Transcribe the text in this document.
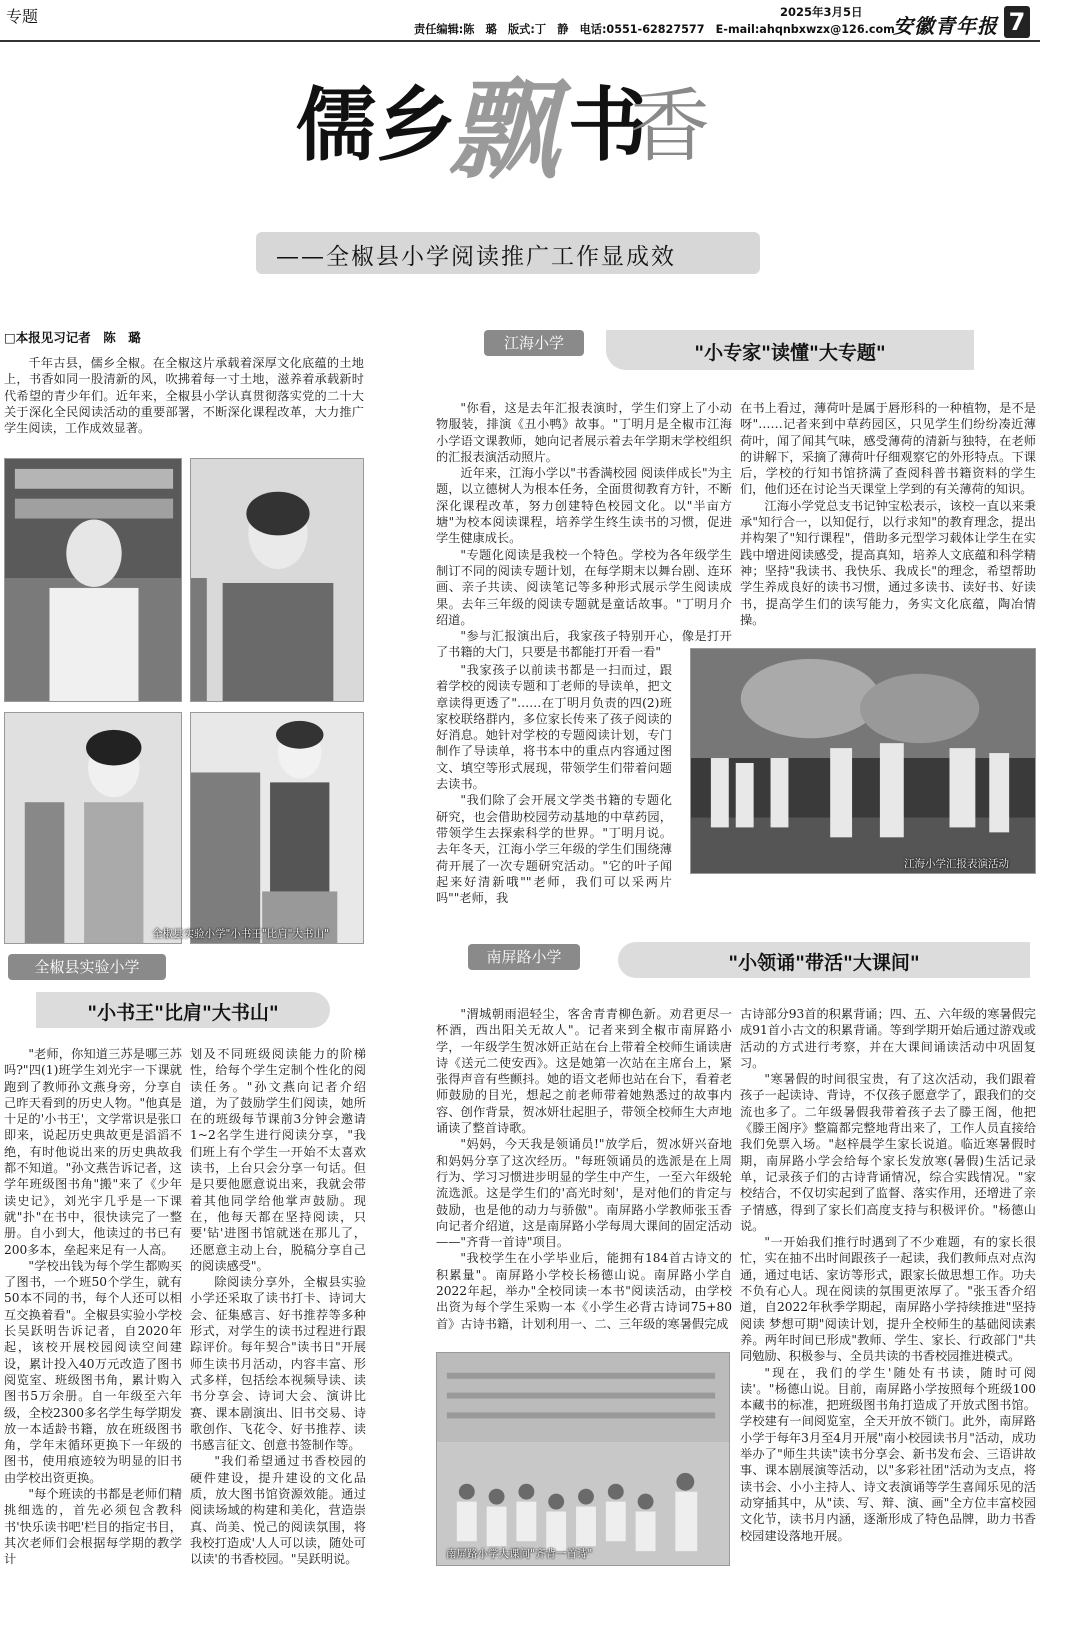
专题	2025年3月5日
责任编辑:陈　璐　版式:丁　静　电话:0551-62827577　E-mail:ahqnbxwzx@126.com
安徽青年报 7
儒 乡
飘 书
香
——全椒县小学阅读推广工作显成效
□本报见习记者　陈　璐

千年古县，儒乡全椒。在全椒这片承载着深厚文化底蕴的土地上，书香如同一股清新的风，吹拂着每一寸土地，滋养着承载新时代希望的青少年们。近年来，全椒县小学认真贯彻落实党的二十大关于深化全民阅读活动的重要部署，不断深化课程改革，大力推广学生阅读，工作成效显著。

全椒县实验小学"小书王"比肩"大书山"
全椒县实验小学
"小书王"比肩"大书山"

"老师，你知道三苏是哪三苏吗?"四(1)班学生刘光宇一下课就跑到了教师孙文燕身旁，分享自己昨天看到的历史人物。"他真是十足的'小书王'，文学常识是张口即来，说起历史典故更是滔滔不绝，有时他说出来的历史典故我都不知道。"孙文燕告诉记者，这学年班级图书角"搬"来了《少年读史记》，刘光宇几乎是一下课就"扑"在书中，很快读完了一整册。自小到大，他读过的书已有200多本，垒起来足有一人高。

"学校出钱为每个学生都购买了图书，一个班50个学生，就有50本不同的书，每个人还可以相互交换着看"。全椒县实验小学校长吴跃明告诉记者，自2020年起，该校开展校园阅读空间建设，累计投入40万元改造了图书阅览室、班级图书角，累计购入图书5万余册。自一年级至六年级，全校2300多名学生每学期发放一本适龄书籍，放在班级图书角，学年末循环更换下一年级的图书，使用痕迹较为明显的旧书由学校出资更换。

"每个班读的书都是老师们精挑细选的，首先必须包含教科书'快乐读书吧'栏目的指定书目，其次老师们会根据每学期的教学计

划及不同班级阅读能力的阶梯性，给每个学生定制个性化的阅读任务。"孙文燕向记者介绍道，为了鼓励学生们阅读，她所在的班级每节课前3分钟会邀请1~2名学生进行阅读分享，"我们班上有个学生一开始不太喜欢读书，上台只会分享一句话。但是只要他愿意说出来，我就会带着其他同学给他掌声鼓励。现在，他每天都在坚持阅读，只要'钻'进图书馆就迷在那儿了，还愿意主动上台，脱稿分享自己的阅读感受"。

除阅读分享外，全椒县实验小学还采取了读书打卡、诗词大会、征集感言、好书推荐等多种形式，对学生的读书过程进行跟踪评价。每年契合"读书日"开展师生读书月活动，内容丰富、形式多样，包括绘本视频导读、读书分享会、诗词大会、演讲比赛、课本剧演出、旧书交易、诗歌创作、飞花令、好书推荐、读书感言征文、创意书签制作等。

"我们希望通过书香校园的硬件建设，提升建设的文化品质，放大图书馆资源效能。通过阅读场域的构建和美化，营造崇真、尚美、悦己的阅读氛围，将我校打造成'人人可以读，随处可以读'的书香校园。"吴跃明说。

江海小学	"小专家"读懂"大专题"

"你看，这是去年汇报表演时，学生们穿上了小动物服装，排演《丑小鸭》故事。"丁明月是全椒市江海小学语文课教师，她向记者展示着去年学期末学校组织的汇报表演活动照片。

近年来，江海小学以"书香满校园 阅读伴成长"为主题，以立德树人为根本任务，全面贯彻教育方针，不断深化课程改革，努力创建特色校园文化。以"半亩方塘"为校本阅读课程，培养学生终生读书的习惯，促进学生健康成长。

"专题化阅读是我校一个特色。学校为各年级学生制订不同的阅读专题计划，在每学期末以舞台剧、连环画、亲子共读、阅读笔记等多种形式展示学生阅读成果。去年三年级的阅读专题就是童话故事。"丁明月介绍道。

"参与汇报演出后，我家孩子特别开心，像是打开了书籍的大门，只要是书都能打开看一看"

"我家孩子以前读书都是一扫而过，跟着学校的阅读专题和丁老师的导读单，把文章读得更透了"……在丁明月负责的四(2)班家校联络群内，多位家长传来了孩子阅读的好消息。她针对学校的专题阅读计划，专门制作了导读单，将书本中的重点内容通过图文、填空等形式展现，带领学生们带着问题去读书。

"我们除了会开展文学类书籍的专题化研究，也会借助校园劳动基地的中草药园，带领学生去探索科学的世界。"丁明月说。去年冬天，江海小学三年级的学生们围绕薄荷开展了一次专题研究活动。"它的叶子闻起来好清新哦""老师，我们可以采两片吗""老师，我

在书上看过，薄荷叶是属于唇形科的一种植物，是不是呀"……记者来到中草药园区，只见学生们纷纷凑近薄荷叶，闻了闻其气味，感受薄荷的清新与独特，在老师的讲解下，采摘了薄荷叶仔细观察它的外形特点。下课后，学校的行知书馆挤满了查阅科普书籍资料的学生们，他们还在讨论当天课堂上学到的有关薄荷的知识。

江海小学党总支书记钟宝松表示，该校一直以来秉承"知行合一，以知促行，以行求知"的教育理念，提出并构架了"知行课程"，借助多元型学习载体让学生在实践中增进阅读感受，提高真知，培养人文底蕴和科学精神；坚持"我读书、我快乐、我成长"的理念，希望帮助学生养成良好的读书习惯，通过多读书、读好书、好读书，提高学生们的读写能力，务实文化底蕴，陶冶情操。

江海小学汇报表演活动
南屏路小学	"小领诵"带活"大课间"

"渭城朝雨浥轻尘，客舍青青柳色新。劝君更尽一杯酒，西出阳关无故人"。记者来到全椒市南屏路小学，一年级学生贺冰妍正站在台上带着全校师生诵读唐诗《送元二使安西》。这是她第一次站在主席台上，紧张得声音有些颤抖。她的语文老师也站在台下，看着老师鼓励的目光，想起之前老师带着她熟悉过的故事内容、创作背景，贺冰妍壮起胆子，带领全校师生大声地诵读了整首诗歌。

"妈妈，今天我是领诵员!"放学后，贺冰妍兴奋地和妈妈分享了这次经历。"每班领诵员的选派是在上周行为、学习习惯进步明显的学生中产生，一至六年级轮流选派。这是学生们的'高光时刻'，是对他们的肯定与鼓励，也是他的动力与骄傲"。南屏路小学教师张玉香向记者介绍道，这是南屏路小学每周大课间的固定活动——"齐背一首诗"项目。

"我校学生在小学毕业后，能拥有184首古诗文的积累量"。南屏路小学校长杨德山说。南屏路小学自2022年起，举办"全校同读一本书"阅读活动，由学校出资为每个学生采购一本《小学生必背古诗词75+80首》古诗书籍，计划利用一、二、三年级的寒暑假完成

古诗部分93首的积累背诵；四、五、六年级的寒暑假完成91首小古文的积累背诵。等到学期开始后通过游戏或活动的方式进行考察，并在大课间诵读活动中巩固复习。

"寒暑假的时间很宝贵，有了这次活动，我们跟着孩子一起读诗、背诗，不仅孩子愿意学了，跟我们的交流也多了。二年级暑假我带着孩子去了滕王阁，他把《滕王阁序》整篇都完整地背出来了，工作人员直接给我们免票入场。"赵梓晨学生家长说道。临近寒暑假时期，南屏路小学会给每个家长发放寒(暑假)生活记录单，记录孩子们的古诗背诵情况，综合实践情况。"家校结合，不仅切实起到了监督、落实作用，还增进了亲子情感，得到了家长们高度支持与积极评价。"杨德山说。

"一开始我们推行时遇到了不少难题，有的家长很忙，实在抽不出时间跟孩子一起读，我们教师点对点沟通，通过电话、家访等形式，跟家长做思想工作。功夫不负有心人。现在阅读的氛围更浓厚了。"张玉香介绍道，自2022年秋季学期起，南屏路小学持续推进"坚持阅读 梦想可期"阅读计划，提升全校师生的基础阅读素养。两年时间已形成"教师、学生、家长、行政部门"共同勉励、积极参与、全员共读的书香校园推进模式。

"现在，我们的学生'随处有书读，随时可阅读'。"杨德山说。目前，南屏路小学按照每个班级100本藏书的标准，把班级图书角打造成了开放式图书馆。学校建有一间阅览室，全天开放不锁门。此外，南屏路小学于每年3月至4月开展"南小校园读书月"活动，成功举办了"师生共读"读书分享会、新书发布会、三语讲故事、课本剧展演等活动，以"多彩社团"活动为支点，将读书会、小小主持人、诗文表演诵等学生喜闻乐见的活动穿插其中，从"读、写、辩、演、画"全方位丰富校园文化节，读书月内涵，逐渐形成了特色品牌，助力书香校园建设落地开展。

南屏路小学大课间"齐背一首诗"
